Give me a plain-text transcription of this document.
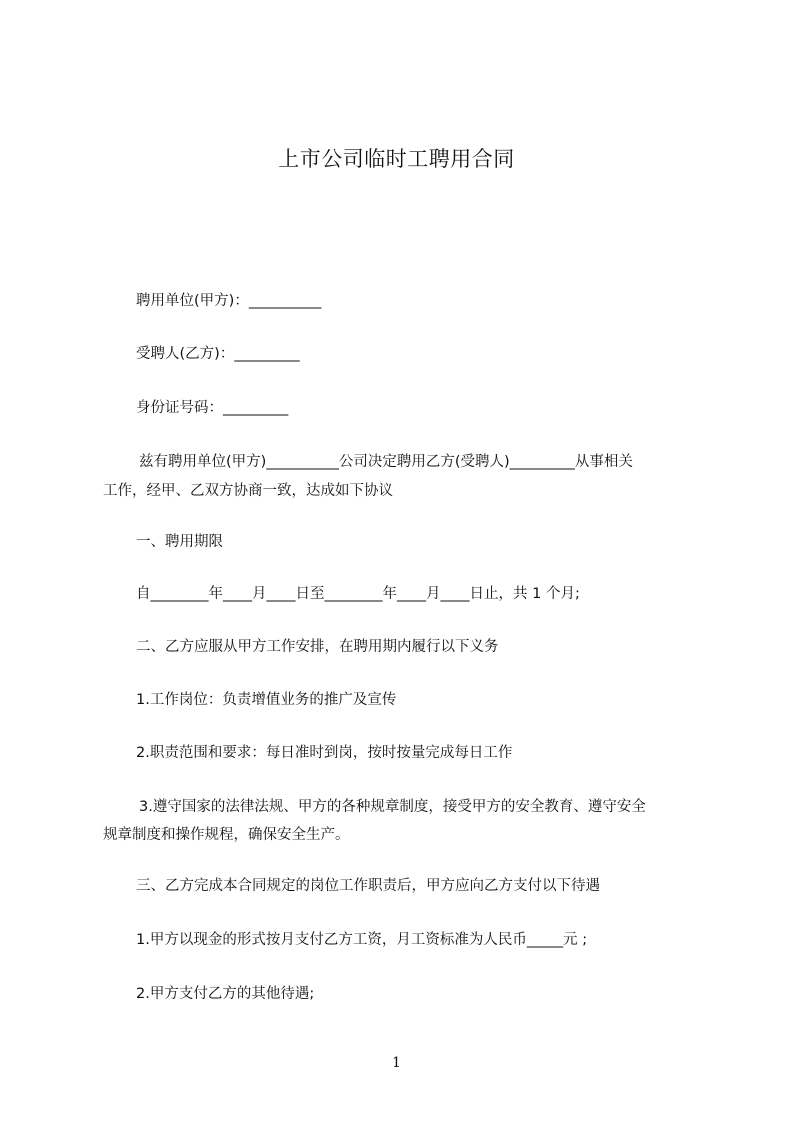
上市公司临时工聘用合同
聘用单位(甲方)：__________
受聘人(乙方)：_________
身份证号码：_________
兹有聘用单位(甲方)__________公司决定聘用乙方(受聘人)_________从事相关
工作，经甲、乙双方协商一致，达成如下协议
一、聘用期限
自________年____月____日至________年____月____日止，共 1 个月;
二、乙方应服从甲方工作安排，在聘用期内履行以下义务
1.工作岗位：负责增值业务的推广及宣传
2.职责范围和要求：每日准时到岗，按时按量完成每日工作
3.遵守国家的法律法规、甲方的各种规章制度，接受甲方的安全教育、遵守安全
规章制度和操作规程，确保安全生产。
三、乙方完成本合同规定的岗位工作职责后，甲方应向乙方支付以下待遇
1.甲方以现金的形式按月支付乙方工资，月工资标准为人民币_____元 ;
2.甲方支付乙方的其他待遇;
1
